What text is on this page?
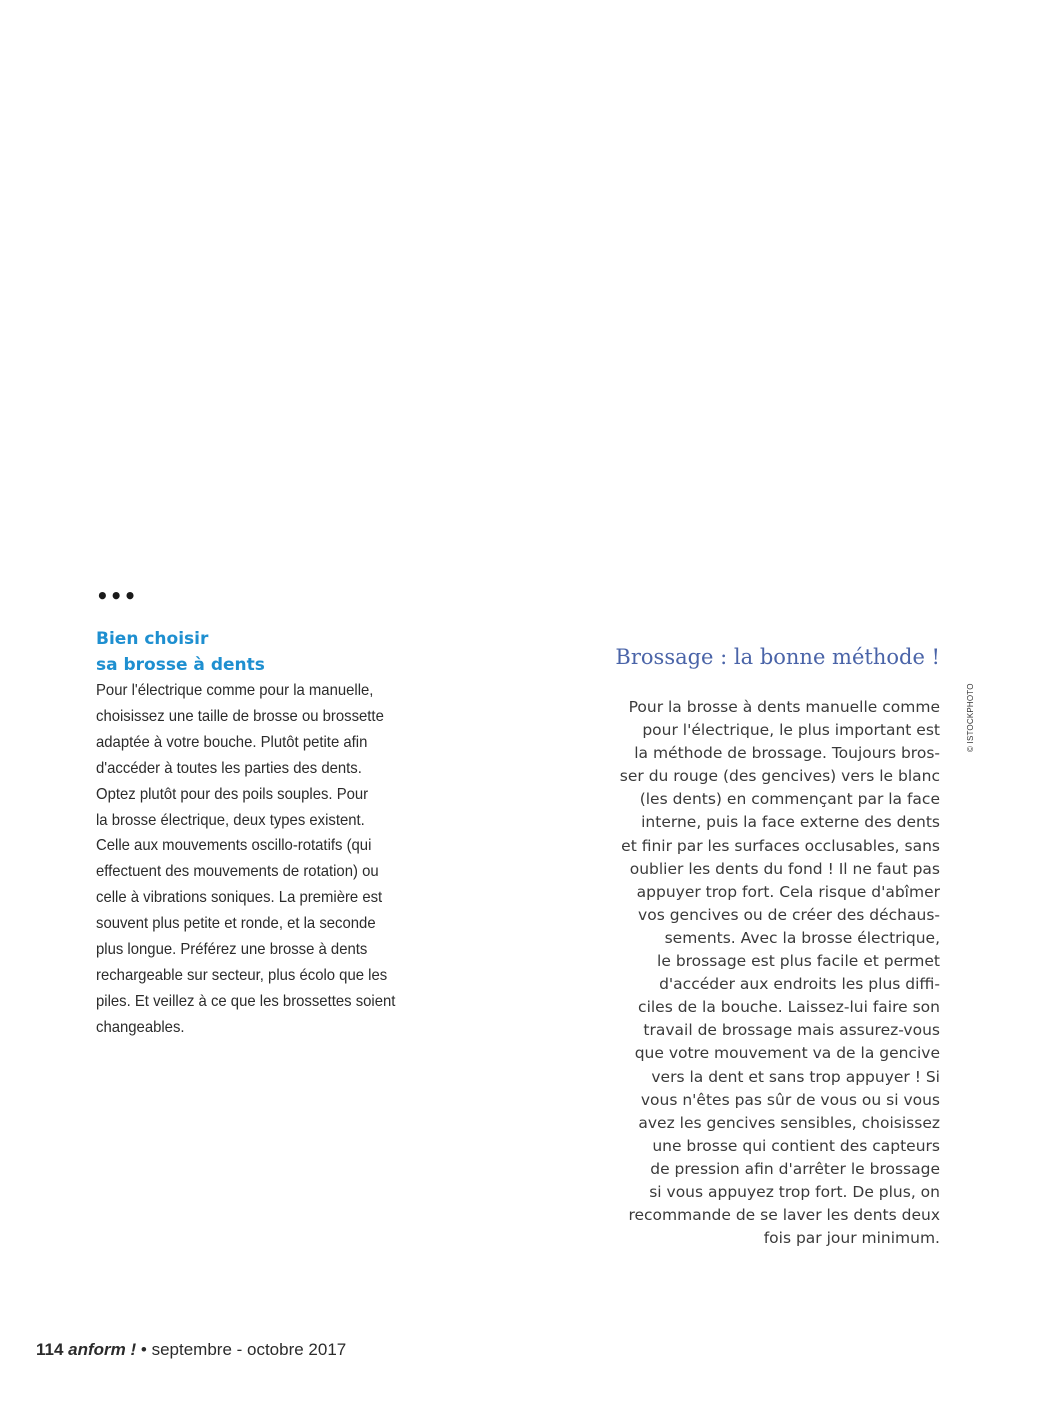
•••
Bien choisir
sa brosse à dents

Pour l'électrique comme pour la manuelle,
choisissez une taille de brosse ou brossette
adaptée à votre bouche. Plutôt petite afin
d'accéder à toutes les parties des dents.
Optez plutôt pour des poils souples. Pour
la brosse électrique, deux types existent.
Celle aux mouvements oscillo-rotatifs (qui
effectuent des mouvements de rotation) ou
celle à vibrations soniques. La première est
souvent plus petite et ronde, et la seconde
plus longue. Préférez une brosse à dents
rechargeable sur secteur, plus écolo que les
piles. Et veillez à ce que les brossettes soient
changeables.

Brossage : la bonne méthode !
Pour la brosse à dents manuelle comme
pour l'électrique, le plus important est
la méthode de brossage. Toujours bros-
ser du rouge (des gencives) vers le blanc
(les dents) en commençant par la face
interne, puis la face externe des dents
et finir par les surfaces occlusables, sans
oublier les dents du fond ! Il ne faut pas
appuyer trop fort. Cela risque d'abîmer
vos gencives ou de créer des déchaus-
sements. Avec la brosse électrique,
le brossage est plus facile et permet
d'accéder aux endroits les plus diffi-
ciles de la bouche. Laissez-lui faire son
travail de brossage mais assurez-vous
que votre mouvement va de la gencive
vers la dent et sans trop appuyer ! Si
vous n'êtes pas sûr de vous ou si vous
avez les gencives sensibles, choisissez
une brosse qui contient des capteurs
de pression afin d'arrêter le brossage
si vous appuyez trop fort. De plus, on
recommande de se laver les dents deux
fois par jour minimum.
© ISTOCKPHOTO
114 anform ! • septembre - octobre 2017
